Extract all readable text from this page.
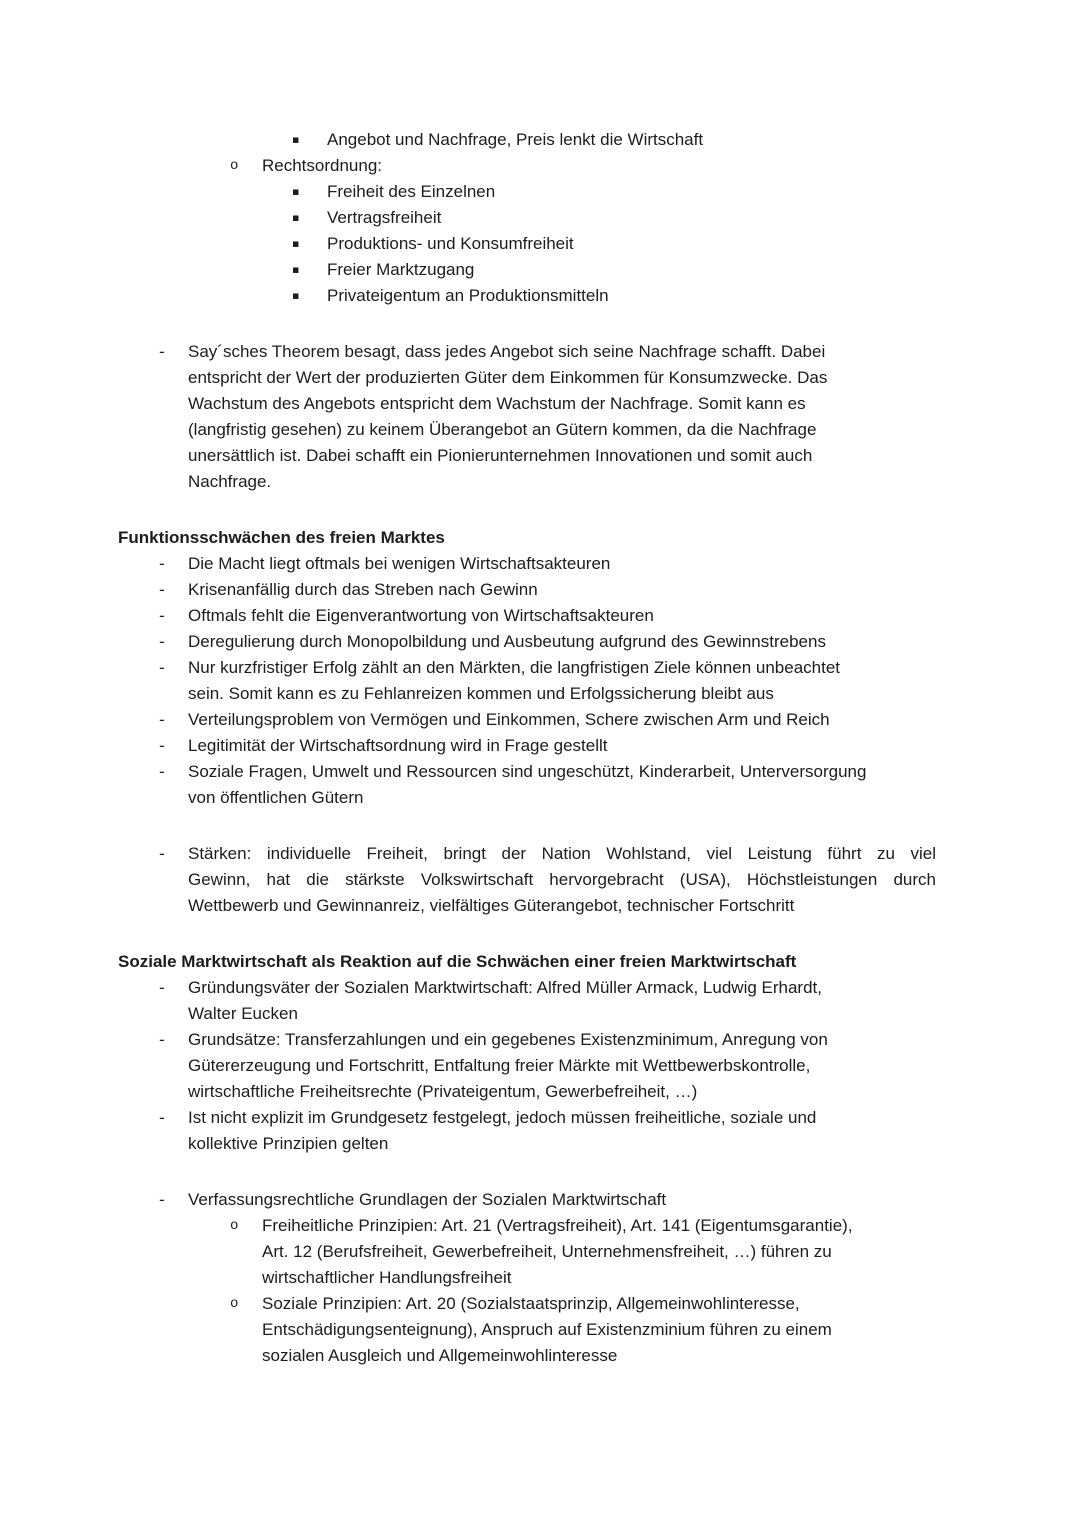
▪ Angebot und Nachfrage, Preis lenkt die Wirtschaft
o Rechtsordnung:
▪ Freiheit des Einzelnen
▪ Vertragsfreiheit
▪ Produktions- und Konsumfreiheit
▪ Freier Marktzugang
▪ Privateigentum an Produktionsmitteln
- Say´sches Theorem besagt, dass jedes Angebot sich seine Nachfrage schafft. Dabei
entspricht der Wert der produzierten Güter dem Einkommen für Konsumzwecke. Das
Wachstum des Angebots entspricht dem Wachstum der Nachfrage. Somit kann es
(langfristig gesehen) zu keinem Überangebot an Gütern kommen, da die Nachfrage
unersättlich ist. Dabei schafft ein Pionierunternehmen Innovationen und somit auch
Nachfrage.
Funktionsschwächen des freien Marktes
- Die Macht liegt oftmals bei wenigen Wirtschaftsakteuren
- Krisenanfällig durch das Streben nach Gewinn
- Oftmals fehlt die Eigenverantwortung von Wirtschaftsakteuren
- Deregulierung durch Monopolbildung und Ausbeutung aufgrund des Gewinnstrebens
- Nur kurzfristiger Erfolg zählt an den Märkten, die langfristigen Ziele können unbeachtet
sein. Somit kann es zu Fehlanreizen kommen und Erfolgssicherung bleibt aus
- Verteilungsproblem von Vermögen und Einkommen, Schere zwischen Arm und Reich
- Legitimität der Wirtschaftsordnung wird in Frage gestellt
- Soziale Fragen, Umwelt und Ressourcen sind ungeschützt, Kinderarbeit, Unterversorgung
von öffentlichen Gütern
- Stärken: individuelle Freiheit, bringt der Nation Wohlstand, viel Leistung führt zu viel
Gewinn, hat die stärkste Volkswirtschaft hervorgebracht (USA), Höchstleistungen durch
Wettbewerb und Gewinnanreiz, vielfältiges Güterangebot, technischer Fortschritt
Soziale Marktwirtschaft als Reaktion auf die Schwächen einer freien Marktwirtschaft
- Gründungsväter der Sozialen Marktwirtschaft: Alfred Müller Armack, Ludwig Erhardt,
Walter Eucken
- Grundsätze: Transferzahlungen und ein gegebenes Existenzminimum, Anregung von
Gütererzeugung und Fortschritt, Entfaltung freier Märkte mit Wettbewerbskontrolle,
wirtschaftliche Freiheitsrechte (Privateigentum, Gewerbefreiheit, …)
- Ist nicht explizit im Grundgesetz festgelegt, jedoch müssen freiheitliche, soziale und
kollektive Prinzipien gelten
- Verfassungsrechtliche Grundlagen der Sozialen Marktwirtschaft
o Freiheitliche Prinzipien: Art. 21 (Vertragsfreiheit), Art. 141 (Eigentumsgarantie),
Art. 12 (Berufsfreiheit, Gewerbefreiheit, Unternehmensfreiheit, …) führen zu
wirtschaftlicher Handlungsfreiheit
o Soziale Prinzipien: Art. 20 (Sozialstaatsprinzip, Allgemeinwohlinteresse,
Entschädigungsenteignung), Anspruch auf Existenzminium führen zu einem
sozialen Ausgleich und Allgemeinwohlinteresse
